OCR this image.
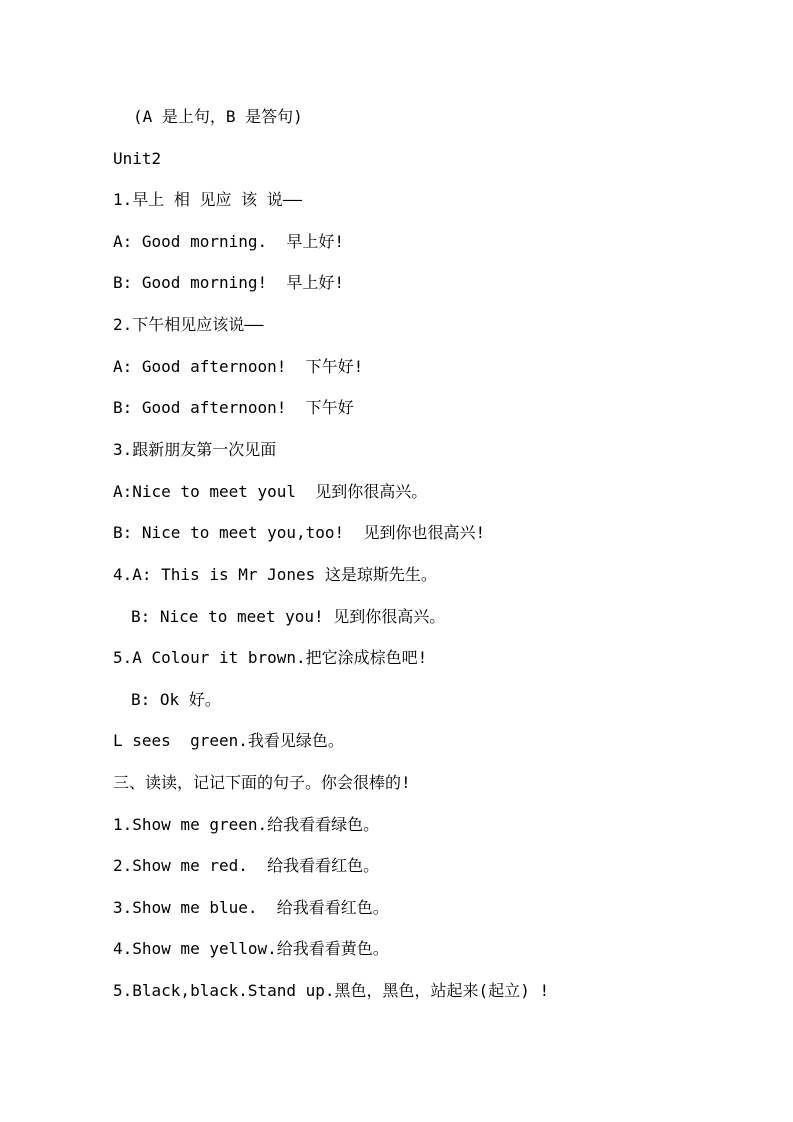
(A 是上句，B 是答句)
Unit2
1.早上 相 见应 该 说——
A: Good morning.  早上好!
B: Good morning!  早上好!
2.下午相见应该说——
A: Good afternoon!  下午好!
B: Good afternoon!  下午好
3.跟新朋友第一次见面
A:Nice to meet youl  见到你很高兴。
B: Nice to meet you,too!  见到你也很高兴!
4.A: This is Mr Jones 这是琼斯先生。
B: Nice to meet you! 见到你很高兴。
5.A Colour it brown.把它涂成棕色吧!
B: Ok 好。
L sees  green.我看见绿色。
三、读读，记记下面的句子。你会很棒的!
1.Show me green.给我看看绿色。
2.Show me red.  给我看看红色。
3.Show me blue.  给我看看红色。
4.Show me yellow.给我看看黄色。
5.Black,black.Stand up.黑色，黑色，站起来(起立) !
